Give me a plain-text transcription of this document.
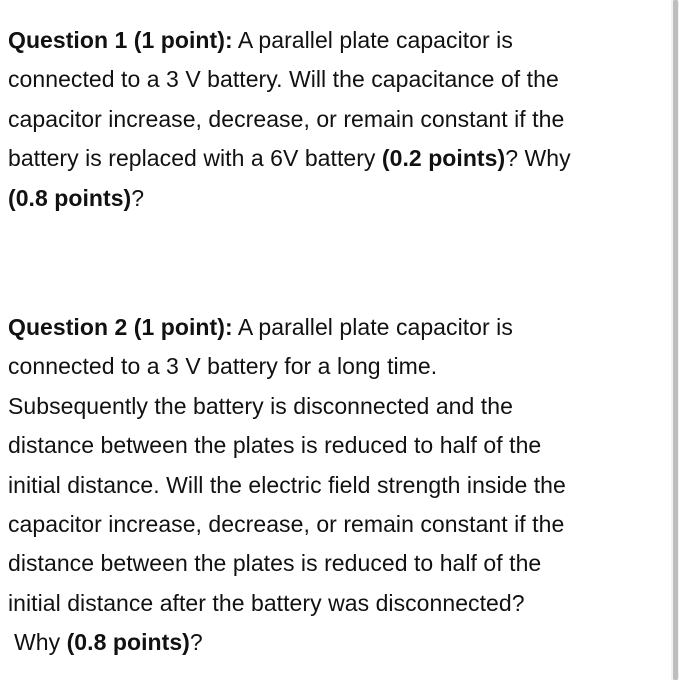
Question 1 (1 point): A parallel plate capacitor is
connected to a 3 V battery. Will the capacitance of the
capacitor increase, decrease, or remain constant if the
battery is replaced with a 6V battery (0.2 points)? Why
(0.8 points)?
Question 2 (1 point): A parallel plate capacitor is
connected to a 3 V battery for a long time.
Subsequently the battery is disconnected and the
distance between the plates is reduced to half of the
initial distance. Will the electric field strength inside the
capacitor increase, decrease, or remain constant if the
distance between the plates is reduced to half of the
initial distance after the battery was disconnected?
Why (0.8 points)?
